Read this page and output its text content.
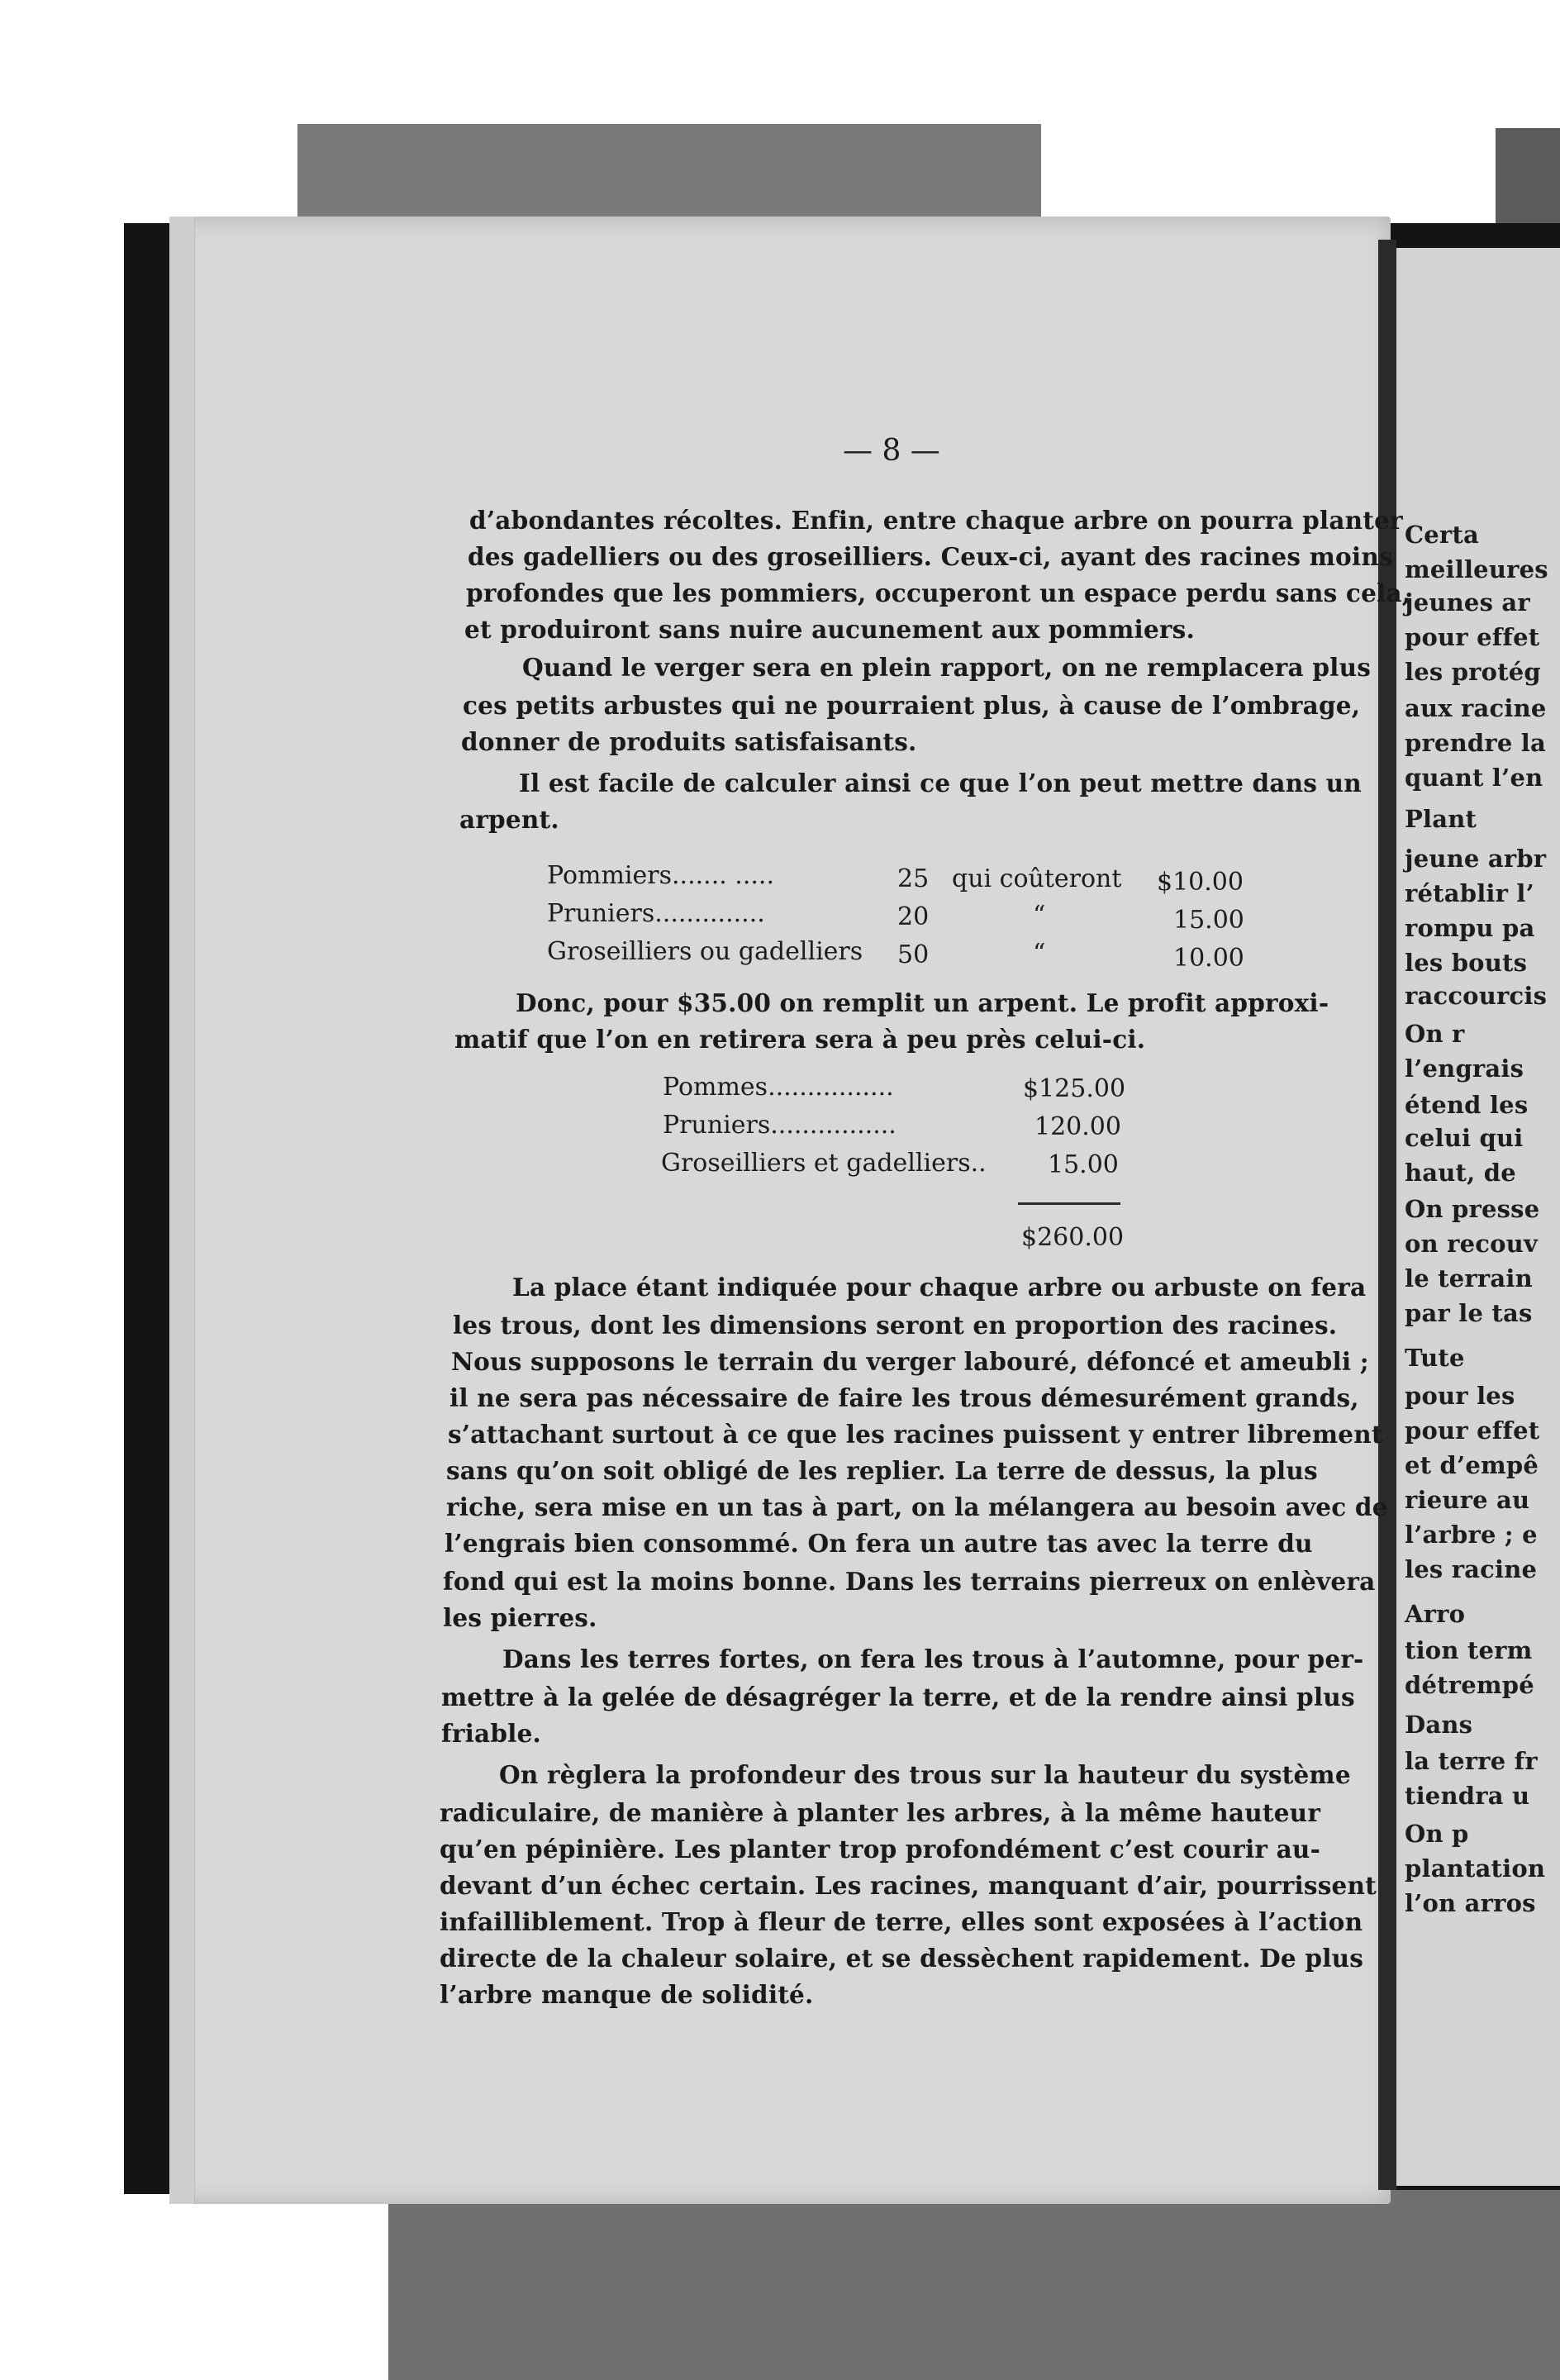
Certa
meilleures
jeunes ar
pour effet
les protég
aux racine
prendre la
quant l’en
Plant
jeune arbr
rétablir l’
rompu pa
les bouts
raccourcis
On r
l’engrais
étend les
celui qui
haut, de
On presse
on recouv
le terrain
par le tas
Tute
pour les
pour effet
et d’empê
rieure au
l’arbre ; e
les racine
Arro
tion term
détrempé
Dans
la terre fr
tiendra u
On p
plantation
l’on arros
— 8 —
d’abondantes récoltes. Enfin, entre chaque arbre on pourra planter
des gadelliers ou des groseilliers. Ceux-ci, ayant des racines moins
profondes que les pommiers, occuperont un espace perdu sans cela,
et produiront sans nuire aucunement aux pommiers.
Quand le verger sera en plein rapport, on ne remplacera plus
ces petits arbustes qui ne pourraient plus, à cause de l’ombrage,
donner de produits satisfaisants.
Il est facile de calculer ainsi ce que l’on peut mettre dans un
arpent.
Pommiers....... .....	25 qui coûteront $10.00
Pruniers..............	20	“	15.00
Groseilliers ou gadelliers 50	“	10.00
Donc, pour $35.00 on remplit un arpent. Le profit approxi-
matif que l’on en retirera sera à peu près celui-ci.
Pommes................	$125.00
Pruniers................	120.00
Groseilliers et gadelliers.. 15.00
$260.00
La place étant indiquée pour chaque arbre ou arbuste on fera
les trous, dont les dimensions seront en proportion des racines.
Nous supposons le terrain du verger labouré, défoncé et ameubli ;
il ne sera pas nécessaire de faire les trous démesurément grands,
s’attachant surtout à ce que les racines puissent y entrer librement
sans qu’on soit obligé de les replier. La terre de dessus, la plus
riche, sera mise en un tas à part, on la mélangera au besoin avec de
l’engrais bien consommé. On fera un autre tas avec la terre du
fond qui est la moins bonne. Dans les terrains pierreux on enlèvera
les pierres.
Dans les terres fortes, on fera les trous à l’automne, pour per-
mettre à la gelée de désagréger la terre, et de la rendre ainsi plus
friable.
On règlera la profondeur des trous sur la hauteur du système
radiculaire, de manière à planter les arbres, à la même hauteur
qu’en pépinière. Les planter trop profondément c’est courir au-
devant d’un échec certain. Les racines, manquant d’air, pourrissent
infailliblement. Trop à fleur de terre, elles sont exposées à l’action
directe de la chaleur solaire, et se dessèchent rapidement. De plus
l’arbre manque de solidité.
